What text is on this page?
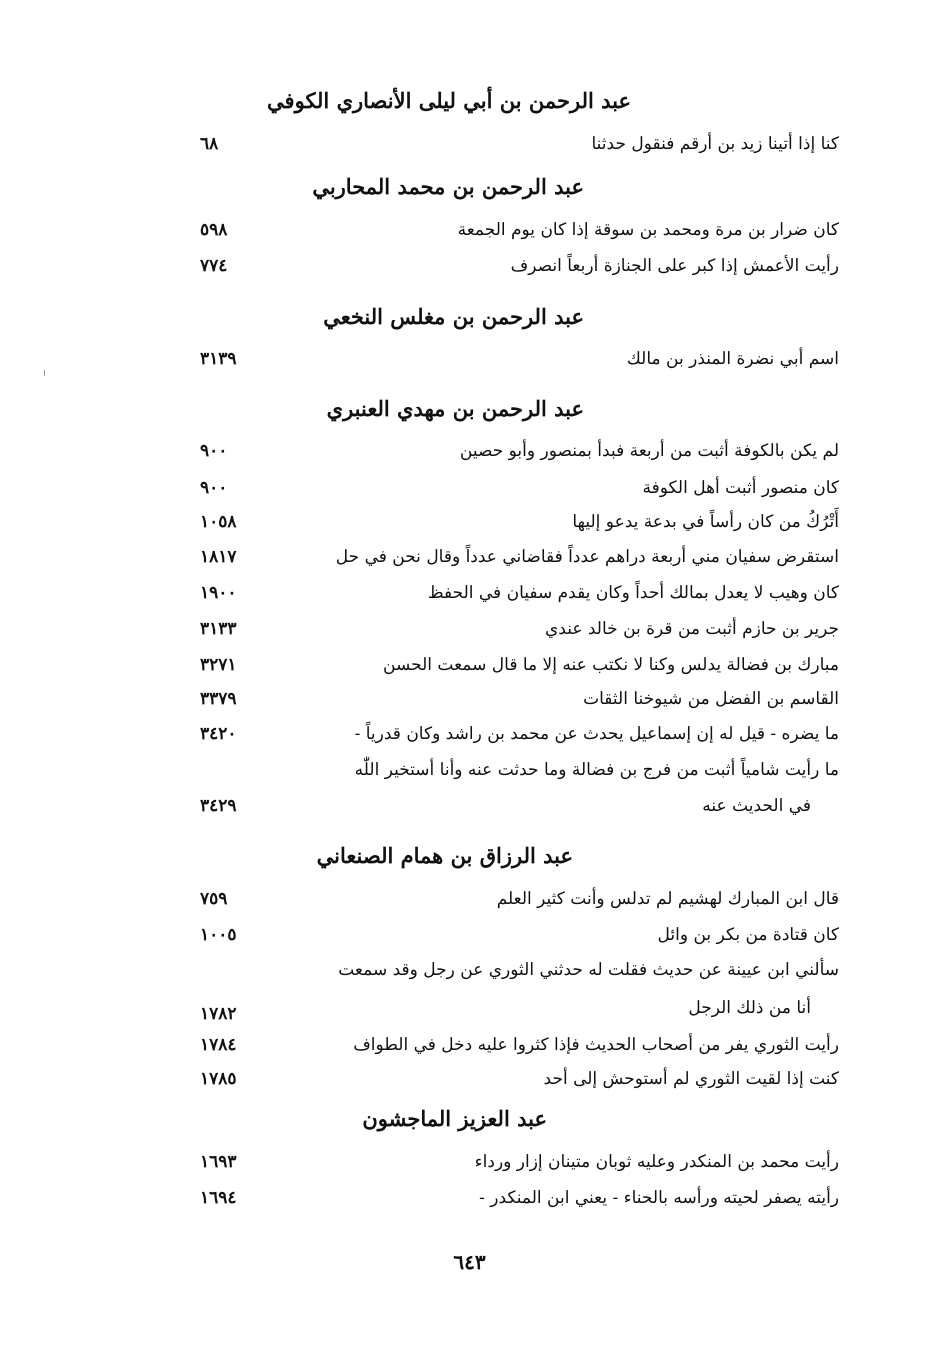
عبد الرحمن بن أبي ليلى الأنصاري الكوفي
كنا إذا أتينا زيد بن أرقم فنقول حدثنا
٦٨
عبد الرحمن بن محمد المحاربي
كان ضرار بن مرة ومحمد بن سوقة إذا كان يوم الجمعة
٥٩٨
رأيت الأعمش إذا كبر على الجنازة أربعاً انصرف
٧٧٤
عبد الرحمن بن مغلس النخعي
اسم أبي نضرة المنذر بن مالك
٣١٣٩
عبد الرحمن بن مهدي العنبري
لم يكن بالكوفة أثبت من أربعة فبدأ بمنصور وأبو حصين
٩٠٠
كان منصور أثبت أهل الكوفة
٩٠٠
أَتْرُكُ من كان رأساً في بدعة يدعو إليها
١٠٥٨
استقرض سفيان مني أربعة دراهم عدداً فقاضاني عدداً وقال نحن في حل
١٨١٧
كان وهيب لا يعدل بمالك أحداً وكان يقدم سفيان في الحفظ
١٩٠٠
جرير بن حازم أثبت من قرة بن خالد عندي
٣١٣٣
مبارك بن فضالة يدلس وكنا لا نكتب عنه إلا ما قال سمعت الحسن
٣٢٧١
القاسم بن الفضل من شيوخنا الثقات
٣٣٧٩
ما يضره - قيل له إن إسماعيل يحدث عن محمد بن راشد وكان قدرياً -
٣٤٢٠
ما رأيت شامياً أثبت من فرج بن فضالة وما حدثت عنه وأنا أستخير اللّٰه
في الحديث عنه
٣٤٢٩
عبد الرزاق بن همام الصنعاني
قال ابن المبارك لهشيم لم تدلس وأنت كثير العلم
٧٥٩
كان قتادة من بكر بن وائل
١٠٠٥
سألني ابن عيينة عن حديث فقلت له حدثني الثوري عن رجل وقد سمعت
أنا من ذلك الرجل
١٧٨٢
رأيت الثوري يفر من أصحاب الحديث فإذا كثروا عليه دخل في الطواف
١٧٨٤
كنت إذا لقيت الثوري لم أستوحش إلى أحد
١٧٨٥
عبد العزيز الماجشون
رأيت محمد بن المنكدر وعليه ثوبان متينان إزار ورداء
١٦٩٣
رأيته يصفر لحيته ورأسه بالحناء - يعني ابن المنكدر -
١٦٩٤
٦٤٣
